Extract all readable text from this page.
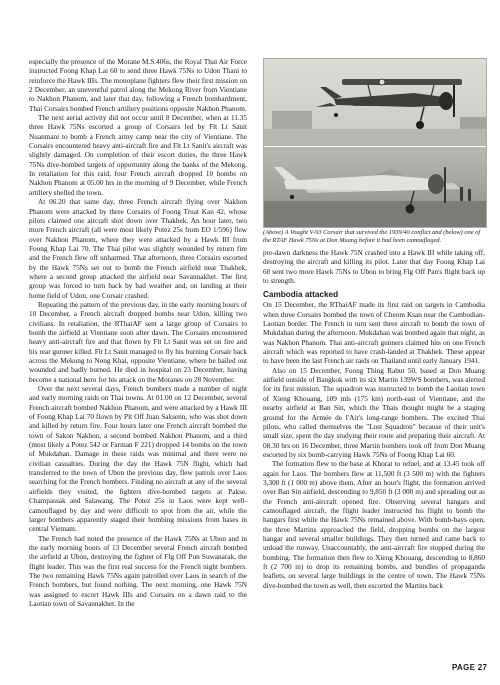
especially the presence of the Morane M.S.406s, the Royal Thai Air Force instructed Foong Khap Lai 60 to send three Hawk 75Ns to Udon Thani to reinforce the Hawk IIIs. The monoplane fighters flew their first mission on 2 December, an uneventful patrol along the Mekong River from Vientiane to Nakhon Phanom, and later that day, following a French bombardment, Thai Corsairs bombed French artillery positions opposite Nakhon Phanom.

The next aerial activity did not occur until 8 December, when at 11.35 three Hawk 75Ns escorted a group of Corsairs led by Flt Lt Sanit Nuanmani to bomb a French army camp near the city of Vientiane. The Corsairs encountered heavy anti-aircraft fire and Flt Lt Sanit's aircraft was slightly damaged. On completion of their escort duties, the three Hawk 75Ns dive-bombed targets of opportunity along the banks of the Mekong. In retaliation for this raid, four French aircraft dropped 10 bombs on Nakhon Phanom at 05.00 hrs in the morning of 9 December, while French artillery shelled the town.

At 06.20 that same day, three French aircraft flying over Nakhon Phanom were attacked by three Corsairs of Foong Truat Kan 42, whose pilots claimed one aircraft shot down over Thakhek. An hour later, two more French aircraft (all were most likely Potez 25s from EO 1/596) flew over Nakhon Phanom, where they were attacked by a Hawk III from Foong Khap Lai 70. The Thai pilot was slightly wounded by return fire and the French flew off unharmed. That afternoon, three Corsairs escorted by the Hawk 75Ns set out to bomb the French airfield near Thakhek, where a second group attacked the airfield near Savannakhet. The first group was forced to turn back by bad weather and, on landing at their home field of Udon, one Corsair crashed.

Repeating the pattern of the previous day, in the early morning hours of 10 December, a French aircraft dropped bombs near Udon, killing two civilians. In retaliation, the RThaiAF sent a large group of Corsairs to bomb the airfield at Vientiane soon after dawn. The Corsairs encountered heavy anti-aircraft fire and that flown by Flt Lt Sanit was set on fire and his rear gunner killed. Flt Lt Sanit managed to fly his burning Corsair back across the Mekong to Nong Khai, opposite Vientiane, where he bailed out wounded and badly burned. He died in hospital on 23 December, having become a national hero for his attack on the Moranes on 28 November.

Over the next several days, French bombers made a number of night and early morning raids on Thai towns. At 01.00 on 12 December, several French aircraft bombed Nakhon Phanom, and were attacked by a Hawk III of Foong Khap Lai 70 flown by Plt Off Juan Saksenn, who was shot down and killed by return fire. Four hours later one French aircraft bombed the town of Sakon Nakhon, a second bombed Nakhon Phanom, and a third (most likely a Potez 542 or Farman F 221) dropped 14 bombs on the town of Mukdahan. Damage in these raids was minimal and there were no civilian casualties. During the day the Hawk 75N flight, which had transferred to the town of Ubon the previous day, flew patrols over Laos searching for the French bombers. Finding no aircraft at any of the several airfields they visited, the fighters dive-bombed targets at Pakse, Champassak and Salawang. The Potez 25s in Laos were kept well-camouflaged by day and were difficult to spot from the air, while the larger bombers apparently staged their bombing missions from bases in central Vietnam.

The French had noted the presence of the Hawk 75Ns at Ubon and in the early morning hours of 13 December several French aircraft bombed the airfield at Ubon, destroying the fighter of Flg Off Pun Suwanarak, the flight leader. This was the first real success for the French night bombers. The two remaining Hawk 75Ns again patrolled over Laos in search of the French bombers, but found nothing. The next morning, one Hawk 75N was assigned to escort Hawk IIIs and Corsairs on a dawn raid to the Laotian town of Savannakhet. In the

(Above) A Vought V-93 Corsair that survived the 1939/40 conflict and (below) one of the RTAF Hawk 75Ns at Don Muang before it had been camouflaged.

pre-dawn darkness the Hawk 75N crashed into a Hawk III while taking off, destroying the aircraft and killing its pilot. Later that day Foong Khap Lai 60 sent two more Hawk 75Ns to Ubon to bring Flg Off Pan's flight back up to strength.

Cambodia attacked

On 15 December, the RThaiAF made its first raid on targets in Cambodia when three Corsairs bombed the town of Cheom Ksan near the Cambodian-Laotian border. The French in turn sent three aircraft to bomb the town of Mukdahan during the afternoon. Mukdahan was bombed again that night, as was Nakhon Phanom. Thai anti-aircraft gunners claimed hits on one French aircraft which was reported to have crash-landed at Thakhek. These appear to have been the last French air raids on Thailand until early January 1941.

Also on 15 December, Foong Thing Rabut 50, based at Don Muang airfield outside of Bangkok with its six Martin 139WS bombers, was alerted for its first mission. The squadron was instructed to bomb the Laotian town of Xieng Khouang, 109 mls (175 km) north-east of Vientiane, and the nearby airfield at Ban Sin, which the Thais thought might be a staging ground for the Armée de l'Air's long-range bombers. The excited Thai pilots, who called themselves the "Lost Squadron" because of their unit's small size, spent the day studying their route and preparing their aircraft. At 08.30 hrs on 16 December, three Martin bombers took off from Don Muang escorted by six bomb-carrying Hawk 75Ns of Foong Khap Lai 60.

The formation flew to the base at Khorat to refuel, and at 13.45 took off again for Laos. The bombers flew at 11,500 ft (3 500 m) with the fighters 3,300 ft (1 000 m) above them. After an hour's flight, the formation arrived over Ban Sin airfield, descending to 9,850 ft (3 000 m) and spreading out as the French anti-aircraft opened fire. Observing several hangars and camouflaged aircraft, the flight leader instructed his flight to bomb the hangars first while the Hawk 75Ns remained above. With bomb-bays open, the three Martins approached the field, dropping bombs on the largest hangar and several smaller buildings. They then turned and came back to unload the runway. Unaccountably, the anti-aircraft fire stopped during the bombing. The formation then flew to Xieng Khouang, descending to 8,860 ft (2 700 m) to drop its remaining bombs, and bundles of propaganda leaflets, on several large buildings in the centre of town. The Hawk 75Ns dive-bombed the town as well, then escorted the Martins back

PAGE 27
